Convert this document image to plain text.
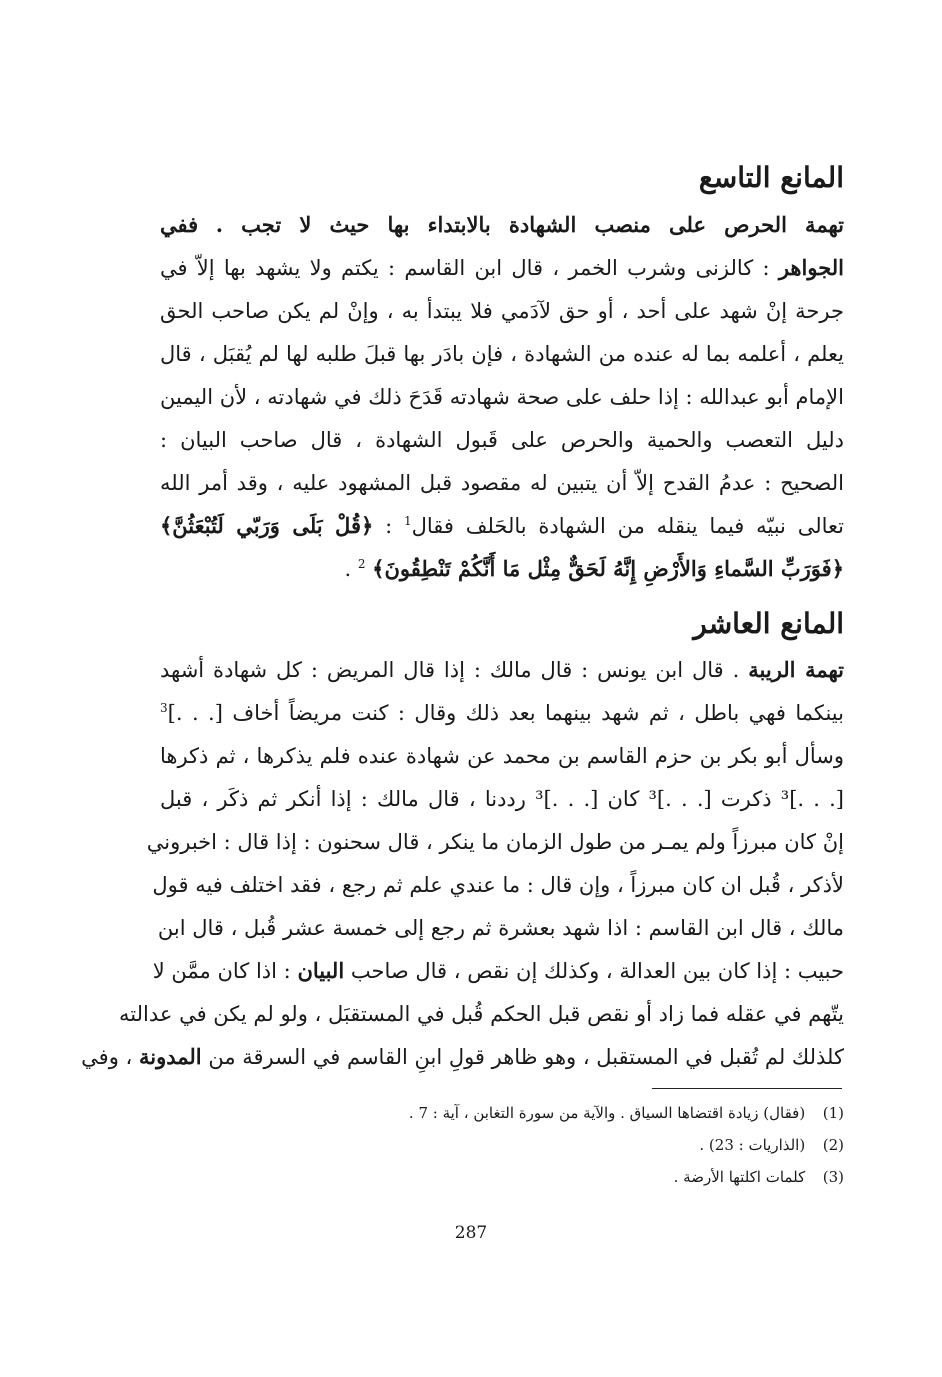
المانع التاسع
تهمة الحرص على منصب الشهادة بالابتداء بها حيث لا تجب . ففي
الجواهر : كالزنى وشرب الخمر ، قال ابن القاسم : يكتم ولا يشهد بها إلاّ في
جرحة إنْ شهد على أحد ، أو حق لآدَمي فلا يبتدأ به ، وإنْ لم يكن صاحب الحق
يعلم ، أعلمه بما له عنده من الشهادة ، فإن بادَر بها قبلَ طلبه لها لم يُقبَل ، قال
الإمام أبو عبدالله : إذا حلف على صحة شهادته قَدَحَ ذلك في شهادته ، لأن اليمين
دليل التعصب والحمية والحرص على قَبول الشهادة ، قال صاحب البيان :
الصحيح : عدمُ القدح إلاّ أن يتبين له مقصود قبل المشهود عليه ، وقد أمر الله
تعالى نبيّه فيما ينقله من الشهادة بالحَلف فقال$^1$ : ﴿قُلْ بَلَى وَرَبّي لَتُبْعَثُنَّ﴾
﴿فَوَرَبِّ السَّماءِ وَالأَرْضِ إِنَّهُ لَحَقٌّ مِثْل مَا أَنَّكُمْ تَنْطِقُونَ﴾ $^2$ .
المانع العاشر
تهمة الريبة . قال ابن يونس : قال مالك : إذا قال المريض : كل شهادة أشهد
بينكما فهي باطل ، ثم شهد بينهما بعد ذلك وقال : كنت مريضاً أخاف [. . .]$^3$
وسأل أبو بكر بن حزم القاسم بن محمد عن شهادة عنده فلم يذكرها ، ثم ذكرها
[. . .]³ ذكرت [. . .]³ كان [. . .]³ رددنا ، قال مالك : إذا أنكر ثم ذكَر ، قبل
إنْ كان مبرزاً ولم يمـر من طول الزمان ما ينكر ، قال سحنون : إذا قال : اخبروني
لأذكر ، قُبل ان كان مبرزاً ، وإن قال : ما عندي علم ثم رجع ، فقد اختلف فيه قول
مالك ، قال ابن القاسم : اذا شهد بعشرة ثم رجع إلى خمسة عشر قُبل ، قال ابن
حبيب : إذا كان بين العدالة ، وكذلك إن نقص ، قال صاحب البيان : اذا كان ممَّن لا
يتّهم في عقله فما زاد أو نقص قبل الحكم قُبل في المستقبَل ، ولو لم يكن في عدالته
كلذلك لم تُقبل في المستقبل ، وهو ظاهر قولِ ابنِ القاسم في السرقة من المدونة ، وفي
(1) (فقال) زيادة اقتضاها السياق . والآية من سورة التغابن ، آية : 7 .
(2) (الذاريات : 23) .
(3) كلمات اكلتها الأرضة .
287
